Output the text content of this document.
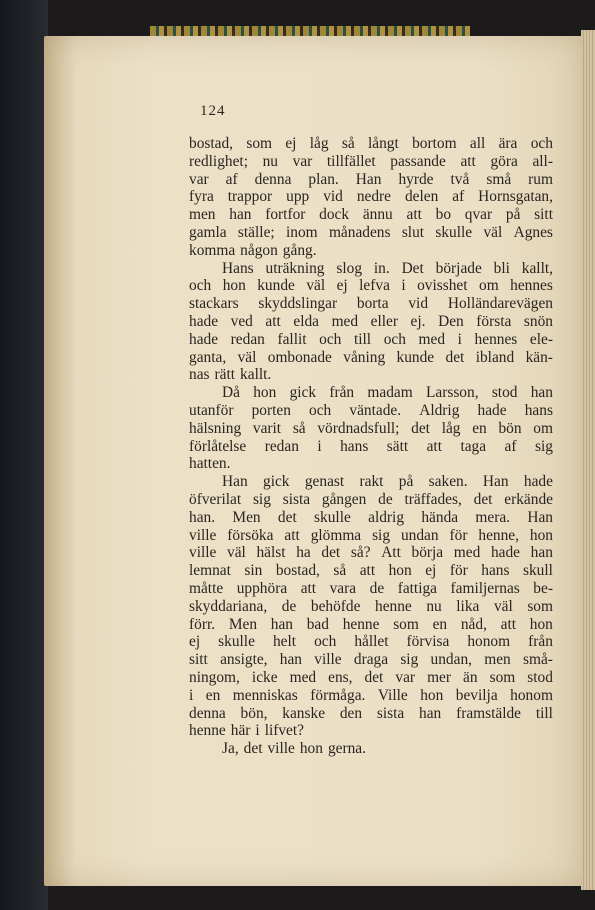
124
bostad, som ej låg så långt bortom all ära och
redlighet; nu var tillfället passande att göra all-
var af denna plan. Han hyrde två små rum
fyra trappor upp vid nedre delen af Hornsgatan,
men han fortfor dock ännu att bo qvar på sitt
gamla ställe; inom månadens slut skulle väl Agnes
komma någon gång.
Hans uträkning slog in. Det började bli kallt,
och hon kunde väl ej lefva i ovisshet om hennes
stackars skyddslingar borta vid Holländarevägen
hade ved att elda med eller ej. Den första snön
hade redan fallit och till och med i hennes ele-
ganta, väl ombonade våning kunde det ibland kän-
nas rätt kallt.
Då hon gick från madam Larsson, stod han
utanför porten och väntade. Aldrig hade hans
hälsning varit så vördnadsfull; det låg en bön om
förlåtelse redan i hans sätt att taga af sig
hatten.
Han gick genast rakt på saken. Han hade
öfverilat sig sista gången de träffades, det erkände
han. Men det skulle aldrig hända mera. Han
ville försöka att glömma sig undan för henne, hon
ville väl hälst ha det så? Att börja med hade han
lemnat sin bostad, så att hon ej för hans skull
måtte upphöra att vara de fattiga familjernas be-
skyddariana, de behöfde henne nu lika väl som
förr. Men han bad henne som en nåd, att hon
ej skulle helt och hållet förvisa honom från
sitt ansigte, han ville draga sig undan, men små-
ningom, icke med ens, det var mer än som stod
i en menniskas förmåga. Ville hon bevilja honom
denna bön, kanske den sista han framstälde till
henne här i lifvet?
Ja, det ville hon gerna.
